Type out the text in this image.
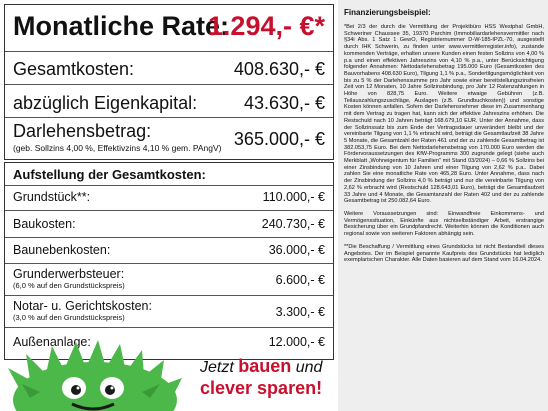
Monatliche Rate:
1.294,- €*
Gesamtkosten:	408.630,- €
abzüglich Eigenkapital:	43.630,- €
Darlehensbetrag:	365.000,- €
(geb. Sollzins 4,00 %, Effektivzins 4,10 % gem. PAngV)
Aufstellung der Gesamtkosten:
Grundstück**:	110.000,- €
Baukosten:	240.730,- €
Baunebenkosten:	36.000,- €
Grunderwerbsteuer:	6.600,- €
(6,0 % auf den Grundstückspreis)
Notar- u. Gerichtskosten:	3.300,- €
(3,0 % auf den Grundstückspreis)
Außenanlage:	12.000,- €
Jetzt bauen und
clever sparen!
Finanzierungsbeispiel:

*Bei 2/3 der durch die Vermittlung der Projektbüro HSS Westphal GmbH, Schweriner Chaussee 35, 19370 Parchim (Immobiliardarlehensvermittler nach §34i Abs. 1 Satz 1 GewO, Registriernummer D-W-185-IPZL-70, ausgestellt durch IHK Schwerin, zu finden unter www.vermittlerregister.info), zustande kommenden Verträge, erhalten unsere Kunden einen festen Sollzins von 4,00 % p.a und einen effektiven Jahreszins von 4,10 % p.a., unter Berücksichtigung folgender Annahmen: Nettodarlehensbetrag 195.000 Euro (Gesamtkosten des Bauvorhabens 408.630 Euro), Tilgung 1,1 % p.a., Sondertilgungsmöglichkeit von bis zu 5 % der Darlehenssumme pro Jahr sowie einer bereitstellungszinsfreien Zeit von 12 Monaten, 10 Jahre Sollzinsbindung, pro Jahr 12 Ratenzahlungen in Höhe von 828,75 Euro. Weitere etwaige Gebühren (z.B. Teilauszahlungszuschläge, Auslagen (z.B. Grundbuchkosten)) und sonstige Kosten können anfallen. Sofern der Darlehensnehmer diese im Zusammenhang mit dem Vertrag zu tragen hat, kann sich der effektive Jahreszins erhöhen. Die Restschuld nach 10 Jahren beträgt 168.679,10 EUR. Unter der Annahme, dass der Sollzinssatz bis zum Ende der Vertragsdauer unverändert bleibt und der vereinbarte Tilgung von 1,1 % erbracht wird, beträgt die Gesamtlaufzeit 38 Jahre 5 Monate, die Gesamtzahl der Raten 461 und der zu zahlende Gesamtbetrag ist 382.053,75 Euro. Bei dem Nettodarlehensbetrag von 170.000 Euro werden die Fördervoraussetzungen des KfW-Programms 300 zugrunde gelegt (siehe auch Merkblatt „Wohneigentum für Familien" mit Stand 03/2024) – 0,66 % Sollzins bei einer Zinsbindung von 10 Jahren und einer Tilgung von 2,62 % p.a.. Dabei zahlen Sie eine monatliche Rate von 465,28 Euro. Unter Annahme, dass nach der Zinsbindung der Sollzins 4,0 % beträgt und nur die vereinbarte Tilgung von 2,62 % erbracht wird (Restschuld 128.643,01 Euro), beträgt die Gesamtlaufzeit 33 Jahre und 4 Monate, die Gesamtanzahl der Raten 402 und der zu zahlende Gesamtbetrag ist 250.082,64 Euro.

Weitere Voraussetzungen sind: Einwandfreie Einkommens- und Vermögenssituation, Einkünfte aus nichtselbständiger Arbeit, erstrangige Besicherung über ein Grundpfandrecht. Weiterhin können die Konditionen auch regional sowie von weiteren Faktoren abhängig sein.

**Die Beschaffung / Vermittlung eines Grundstücks ist nicht Bestandteil dieses Angebotes. Der im Beispiel genannte Kaufpreis des Grundstücks hat lediglich exemplarischen Charakter. Alle Daten basieren auf dem Stand vom 16.04.2024.
